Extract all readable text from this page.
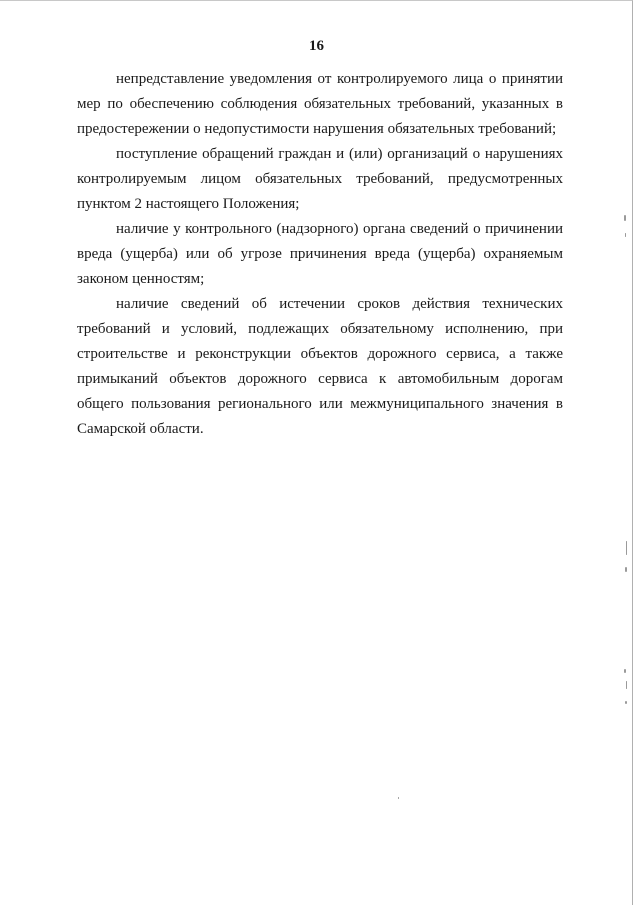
16

непредставление уведомления от контролируемого лица о принятии мер по обеспечению соблюдения обязательных требований, указанных в предостережении о недопустимости нарушения обязательных требований;

поступление обращений граждан и (или) организаций о нарушениях контролируемым лицом обязательных требований, предусмотренных пунктом 2 настоящего Положения;

наличие у контрольного (надзорного) органа сведений о причинении вреда (ущерба) или об угрозе причинения вреда (ущерба) охраняемым законом ценностям;

наличие сведений об истечении сроков действия технических требований и условий, подлежащих обязательному исполнению, при строительстве и реконструкции объектов дорожного сервиса, а также примыканий объектов дорожного сервиса к автомобильным дорогам общего пользования регионального или межмуниципального значения в Самарской области.
